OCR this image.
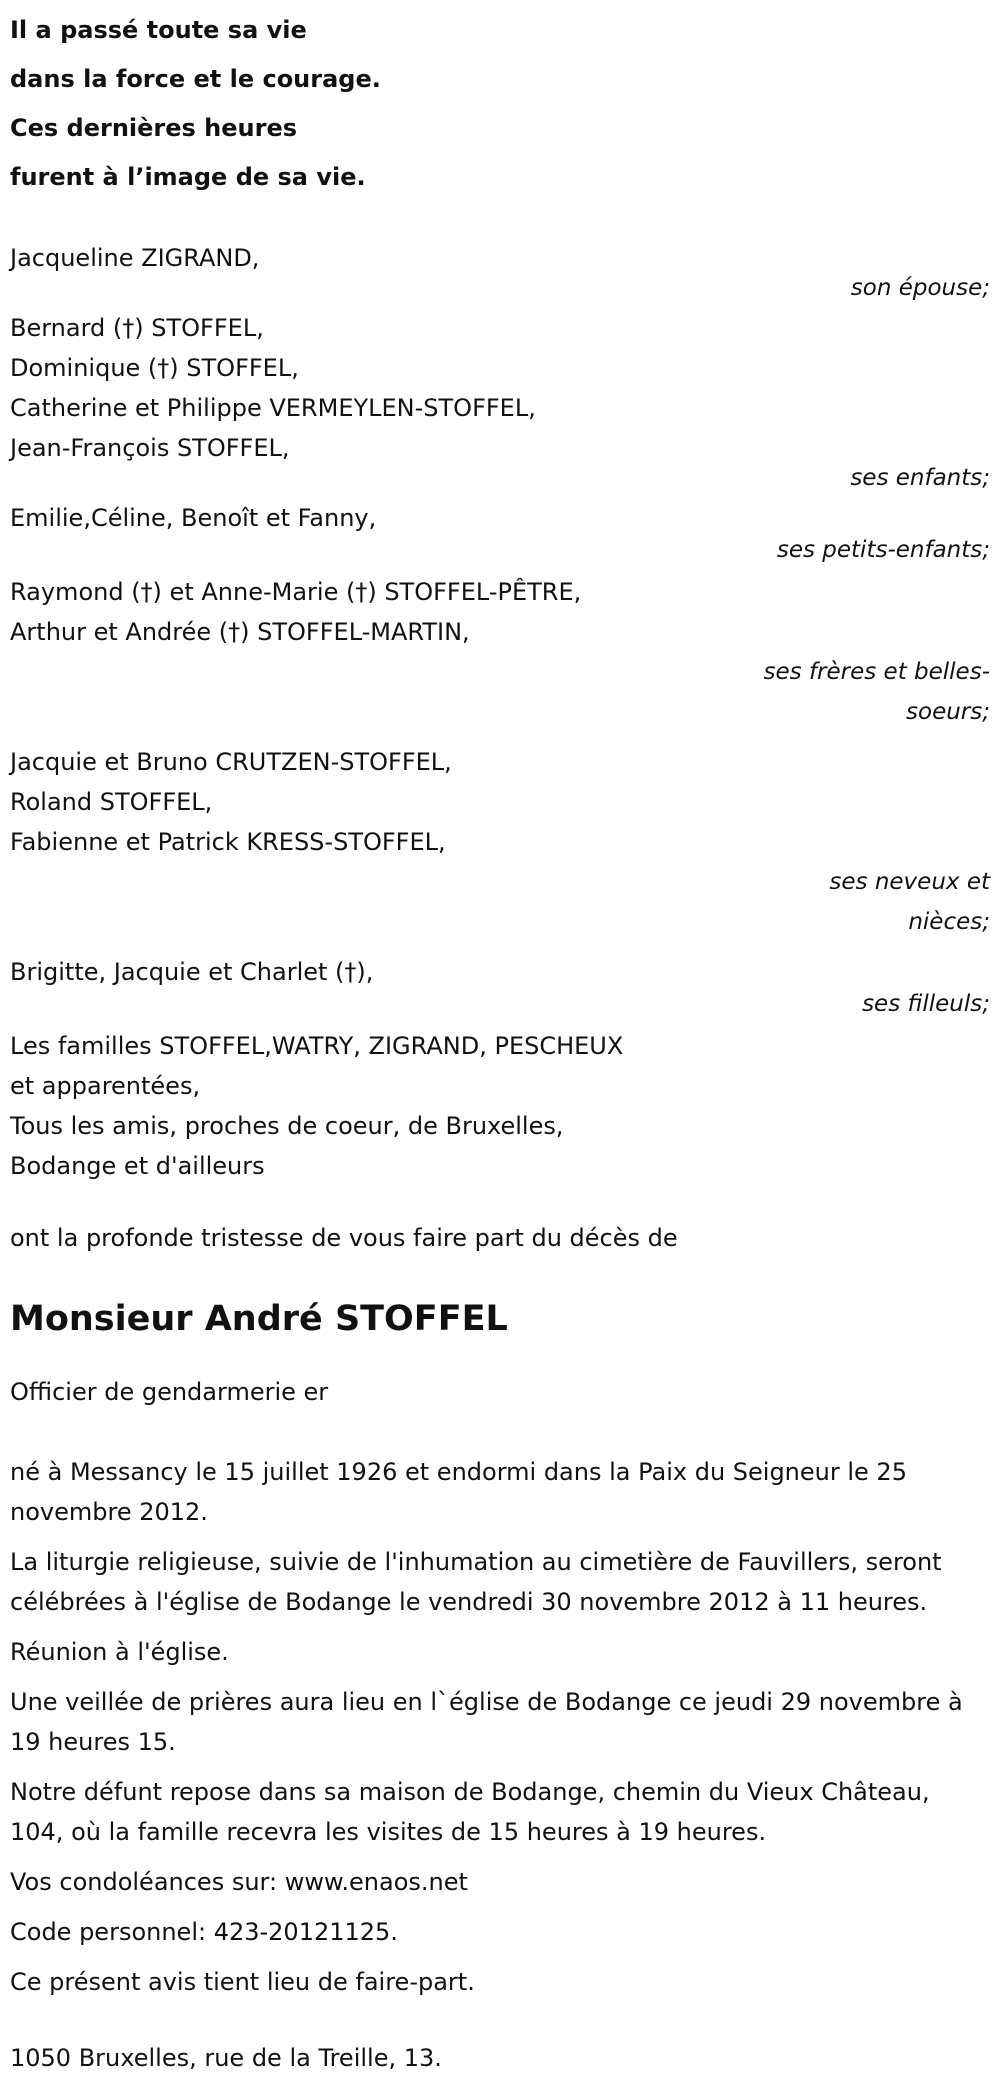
Il a passé toute sa vie
dans la force et le courage.
Ces dernières heures
furent à l’image de sa vie.
Jacqueline ZIGRAND,
son épouse;
Bernard (†) STOFFEL,
Dominique (†) STOFFEL,
Catherine et Philippe VERMEYLEN-STOFFEL,
Jean-François STOFFEL,
ses enfants;
Emilie,Céline, Benoît et Fanny,
ses petits-enfants;
Raymond (†) et Anne-Marie (†) STOFFEL-PÊTRE,
Arthur et Andrée (†) STOFFEL-MARTIN,
ses frères et belles-soeurs;
Jacquie et Bruno CRUTZEN-STOFFEL,
Roland STOFFEL,
Fabienne et Patrick KRESS-STOFFEL,
ses neveux et nièces;
Brigitte, Jacquie et Charlet (†),
ses filleuls;
Les familles STOFFEL,WATRY, ZIGRAND, PESCHEUX
et apparentées,
Tous les amis, proches de coeur, de Bruxelles,
Bodange et d'ailleurs
ont la profonde tristesse de vous faire part du décès de
Monsieur André STOFFEL
Officier de gendarmerie er
né à Messancy le 15 juillet 1926 et endormi dans la Paix du Seigneur le 25 novembre 2012.
La liturgie religieuse, suivie de l'inhumation au cimetière de Fauvillers, seront célébrées à l'église de Bodange le vendredi 30 novembre 2012 à 11 heures.
Réunion à l'église.
Une veillée de prières aura lieu en l`église de Bodange ce jeudi 29 novembre à 19 heures 15.
Notre défunt repose dans sa maison de Bodange, chemin du Vieux Château, 104, où la famille recevra les visites de 15 heures à 19 heures.
Vos condoléances sur: www.enaos.net
Code personnel: 423-20121125.
Ce présent avis tient lieu de faire-part.
1050 Bruxelles, rue de la Treille, 13.
